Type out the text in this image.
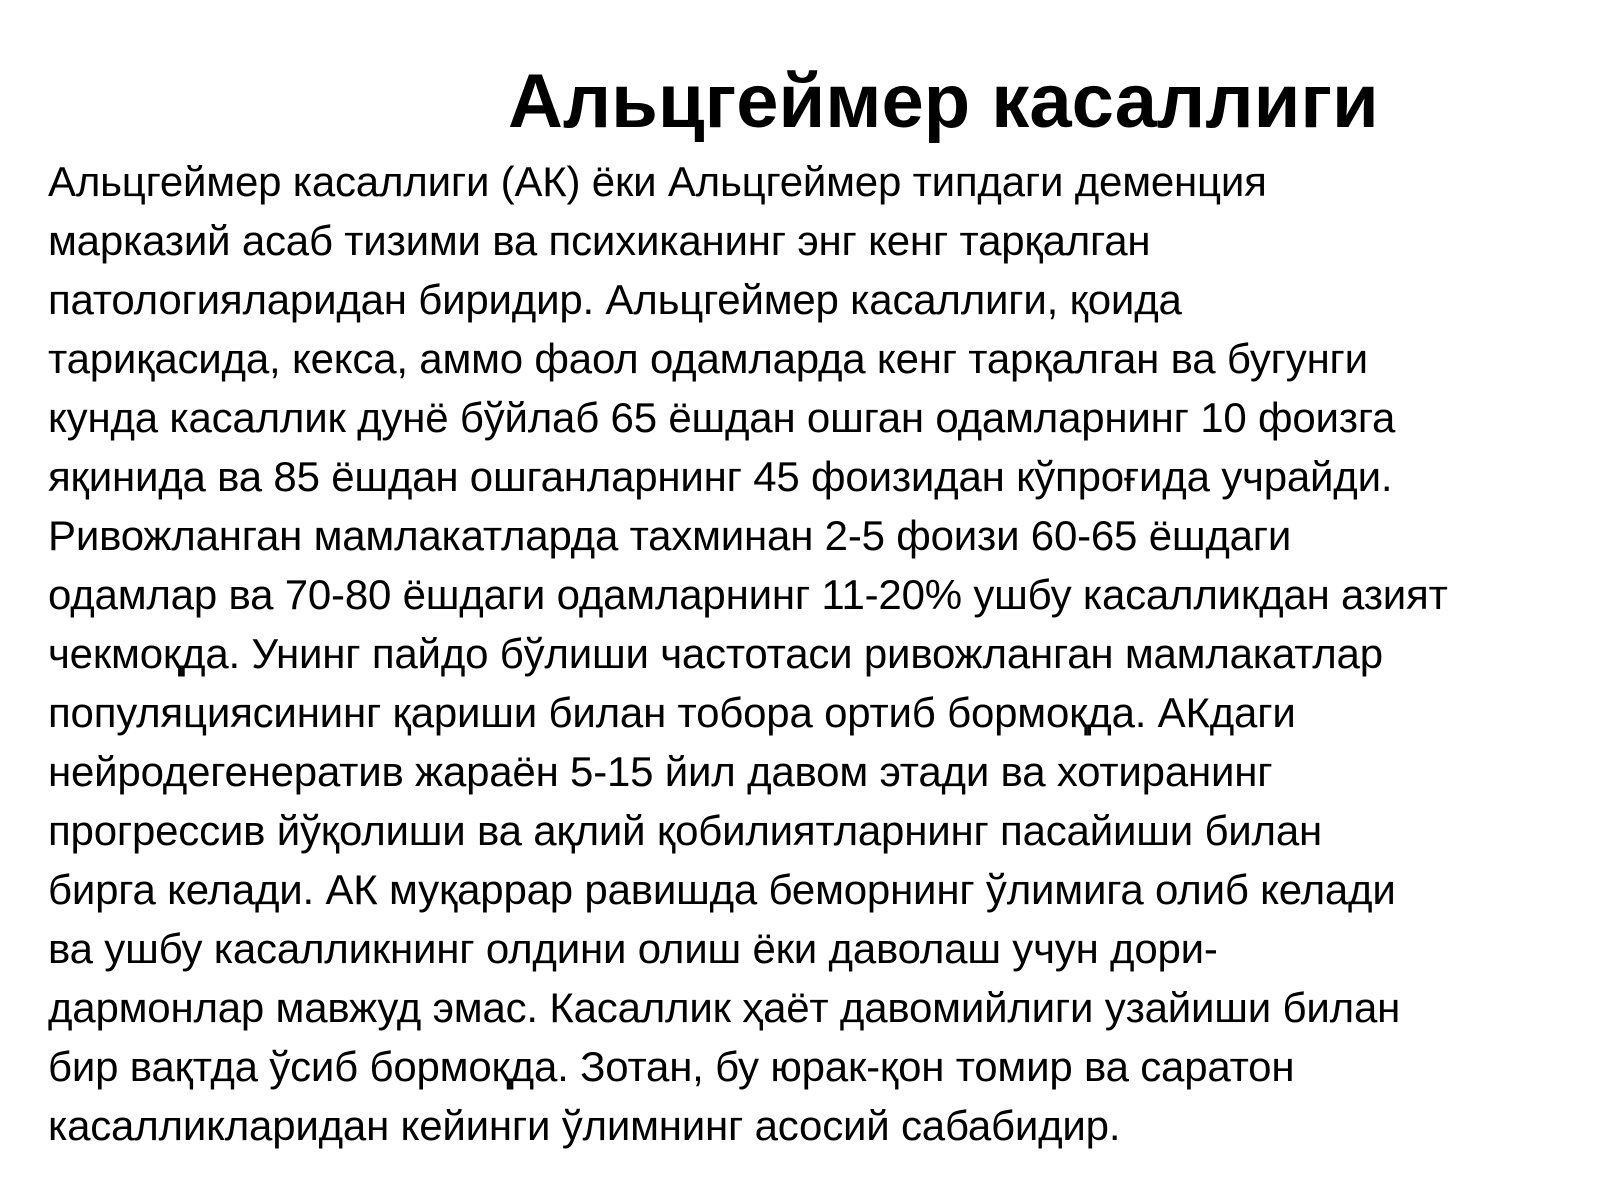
Альцгеймер касаллиги
Альцгеймер касаллиги (АК) ёки Альцгеймер типдаги деменция
марказий асаб тизими ва психиканинг энг кенг тарқалган
патологияларидан биридир. Альцгеймер касаллиги, қоида
тариқасида, кекса, аммо фаол одамларда кенг тарқалган ва бугунги
кунда касаллик дунё бўйлаб 65 ёшдан ошган одамларнинг 10 фоизга
яқинида ва 85 ёшдан ошганларнинг 45 фоизидан кўпроғида учрайди.
Ривожланган мамлакатларда тахминан 2-5 фоизи 60-65 ёшдаги
одамлар ва 70-80 ёшдаги одамларнинг 11-20% ушбу касалликдан азият
чекмоқда. Унинг пайдо бўлиши частотаси ривожланган мамлакатлар
популяциясининг қариши билан тобора ортиб бормоқда. АКдаги
нейродегенератив жараён 5-15 йил давом этади ва хотиранинг
прогрессив йўқолиши ва ақлий қобилиятларнинг пасайиши билан
бирга келади. АК муқаррар равишда беморнинг ўлимига олиб келади
ва ушбу касалликнинг олдини олиш ёки даволаш учун дори-
дармонлар мавжуд эмас. Касаллик ҳаёт давомийлиги узайиши билан
бир вақтда ўсиб бормоқда. Зотан, бу юрак-қон томир ва саратон
касалликларидан кейинги ўлимнинг асосий сабабидир.
